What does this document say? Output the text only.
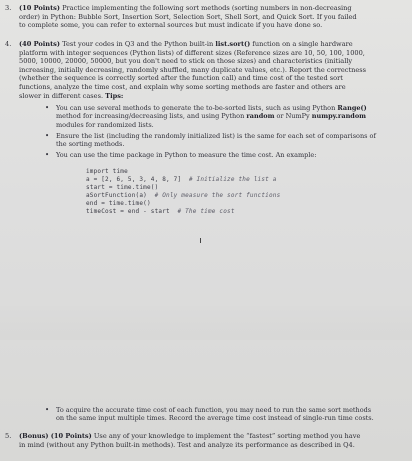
3.	(10 Points) Practice implementing the following sort methods (sorting numbers in non-decreasing
order) in Python: Bubble Sort, Insertion Sort, Selection Sort, Shell Sort, and Quick Sort. If you failed
to complete some, you can refer to external sources but must indicate if you have done so.
4.	(40 Points) Test your codes in Q3 and the Python built-in list.sort() function on a single hardware
platform with integer sequences (Python lists) of different sizes (Reference sizes are 10, 50, 100, 1000,
5000, 10000, 20000, 50000, but you don't need to stick on those sizes) and characteristics (initially
increasing, initially decreasing, randomly shuffled, many duplicate values, etc.). Report the correctness
(whether the sequence is correctly sorted after the function call) and time cost of the tested sort
functions, analyze the time cost, and explain why some sorting methods are faster and others are
slower in different cases. Tips:
• You can use several methods to generate the to-be-sorted lists, such as using Python Range()
method for increasing/decreasing lists, and using Python random or NumPy numpy.random
modules for randomized lists.
• Ensure the list (including the randomly initialized list) is the same for each set of comparisons of
the sorting methods.
• You can use the time package in Python to measure the time cost. An example:
import time
a = [2, 6, 5, 3, 4, 8, 7] # Initialize the list a
start = time.time()
aSortFunction(a) # Only measure the sort functions
end = time.time()
timeCost = end - start # The time cost
• To acquire the accurate time cost of each function, you may need to run the same sort methods
on the same input multiple times. Record the average time cost instead of single-run time costs.
5.	(Bonus) (10 Points) Use any of your knowledge to implement the “fastest” sorting method you have
in mind (without any Python built-in methods). Test and analyze its performance as described in Q4.
